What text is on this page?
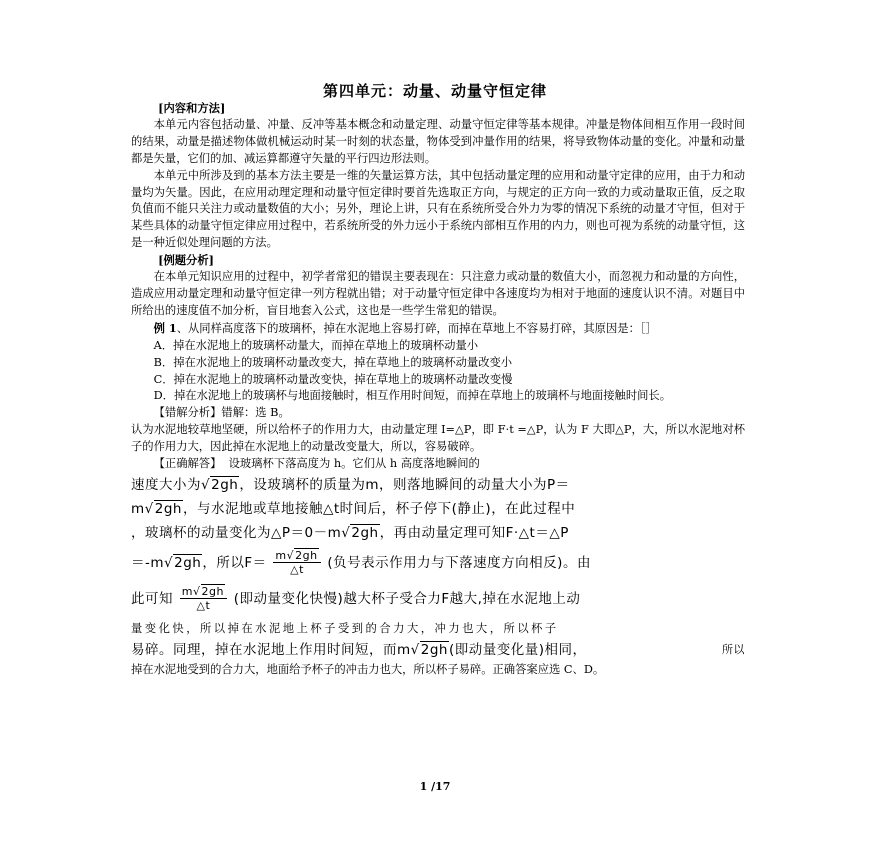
第四单元：动量、动量守恒定律

[内容和方法]

本单元内容包括动量、冲量、反冲等基本概念和动量定理、动量守恒定律等基本规律。冲量是物体间相互作用一段时间的结果，动量是描述物体做机械运动时某一时刻的状态量，物体受到冲量作用的结果，将导致物体动量的变化。冲量和动量都是矢量，它们的加、减运算都遵守矢量的平行四边形法则。

本单元中所涉及到的基本方法主要是一维的矢量运算方法，其中包括动量定理的应用和动量守定律的应用，由于力和动量均为矢量。因此，在应用动理定理和动量守恒定律时要首先选取正方向，与规定的正方向一致的力或动量取正值，反之取负值而不能只关注力或动量数值的大小；另外，理论上讲，只有在系统所受合外力为零的情况下系统的动量才守恒，但对于某些具体的动量守恒定律应用过程中，若系统所受的外力远小于系统内部相互作用的内力，则也可视为系统的动量守恒，这是一种近似处理问题的方法。

[例题分析]

在本单元知识应用的过程中，初学者常犯的错误主要表现在：只注意力或动量的数值大小，而忽视力和动量的方向性，造成应用动量定理和动量守恒定律一列方程就出错；对于动量守恒定律中各速度均为相对于地面的速度认识不清。对题目中所给出的速度值不加分析，盲目地套入公式，这也是一些学生常犯的错误。

例 1、从同样高度落下的玻璃杯，掉在水泥地上容易打碎，而掉在草地上不容易打碎，其原因是：［］

A．掉在水泥地上的玻璃杯动量大，而掉在草地上的玻璃杯动量小

B．掉在水泥地上的玻璃杯动量改变大，掉在草地上的玻璃杯动量改变小

C．掉在水泥地上的玻璃杯动量改变快，掉在草地上的玻璃杯动量改变慢

D．掉在水泥地上的玻璃杯与地面接触时，相互作用时间短，而掉在草地上的玻璃杯与地面接触时间长。

【错解分析】错解：选 B。

认为水泥地较草地坚硬，所以给杯子的作用力大，由动量定理 I=△P，即 F·t =△P，认为 F 大即△P，大，所以水泥地对杯子的作用力大，因此掉在水泥地上的动量改变量大，所以，容易破碎。

【正确解答】 设玻璃杯下落高度为 h。它们从 h 高度落地瞬间的

速度大小为√2gh，设玻璃杯的质量为m，则落地瞬间的动量大小为P＝
m√2gh，与水泥地或草地接触△t时间后，杯子停下(静止)，在此过程中
，玻璃杯的动量变化为△P＝0－m√2gh，再由动量定理可知F·△t＝△P
＝-m√2gh，所以$F= \frac{m√2gh}{\triangle t}$ (负号表示作用力与下落速度方向相反)。由
此可知 $\frac{m√2gh}{\triangle t}$ (即动量变化快慢)越大杯子受合力F越大,掉在水泥地上动

量变化快，所以掉在水泥地上杯子受到的合力大，冲力也大，所以杯子

易碎。同理，掉在水泥地上作用时间短，而m√2gh(即动量变化量)相同，	所以

掉在水泥地受到的合力大，地面给予杯子的冲击力也大，所以杯子易碎。正确答案应选 C、D。

1 /17
